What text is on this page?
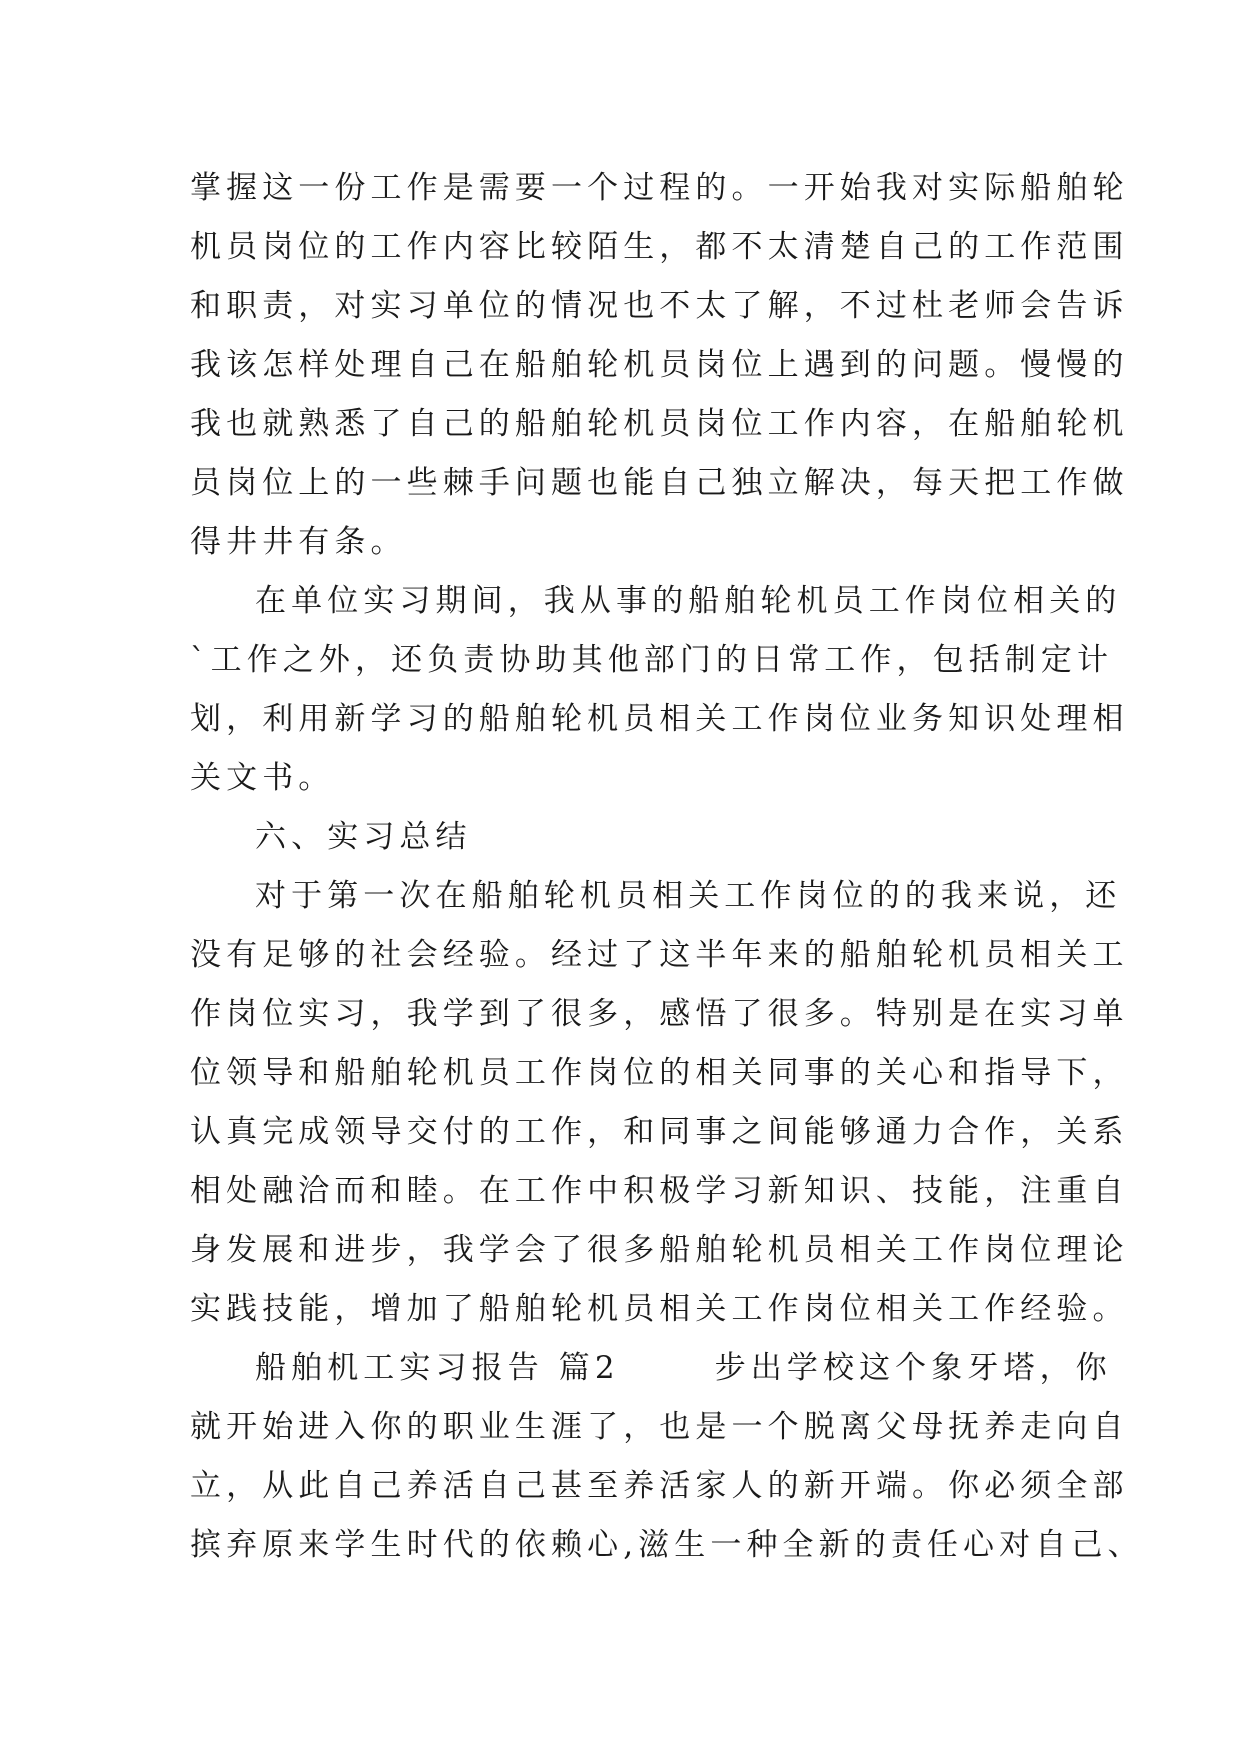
掌握这一份工作是需要一个过程的。一开始我对实际船舶轮
机员岗位的工作内容比较陌生，都不太清楚自己的工作范围
和职责，对实习单位的情况也不太了解，不过杜老师会告诉
我该怎样处理自己在船舶轮机员岗位上遇到的问题。慢慢的
我也就熟悉了自己的船舶轮机员岗位工作内容，在船舶轮机
员岗位上的一些棘手问题也能自己独立解决，每天把工作做
得井井有条。
在单位实习期间，我从事的船舶轮机员工作岗位相关的
`工作之外，还负责协助其他部门的日常工作，包括制定计
划，利用新学习的船舶轮机员相关工作岗位业务知识处理相
关文书。
六、实习总结
对于第一次在船舶轮机员相关工作岗位的的我来说，还
没有足够的社会经验。经过了这半年来的船舶轮机员相关工
作岗位实习，我学到了很多，感悟了很多。特别是在实习单
位领导和船舶轮机员工作岗位的相关同事的关心和指导下，
认真完成领导交付的工作，和同事之间能够通力合作，关系
相处融洽而和睦。在工作中积极学习新知识、技能，注重自
身发展和进步，我学会了很多船舶轮机员相关工作岗位理论
实践技能，增加了船舶轮机员相关工作岗位相关工作经验。
船舶机工实习报告 篇2	步出学校这个象牙塔，你
就开始进入你的职业生涯了，也是一个脱离父母抚养走向自
立，从此自己养活自己甚至养活家人的新开端。你必须全部
摈弃原来学生时代的依赖心,滋生一种全新的责任心对自己、
